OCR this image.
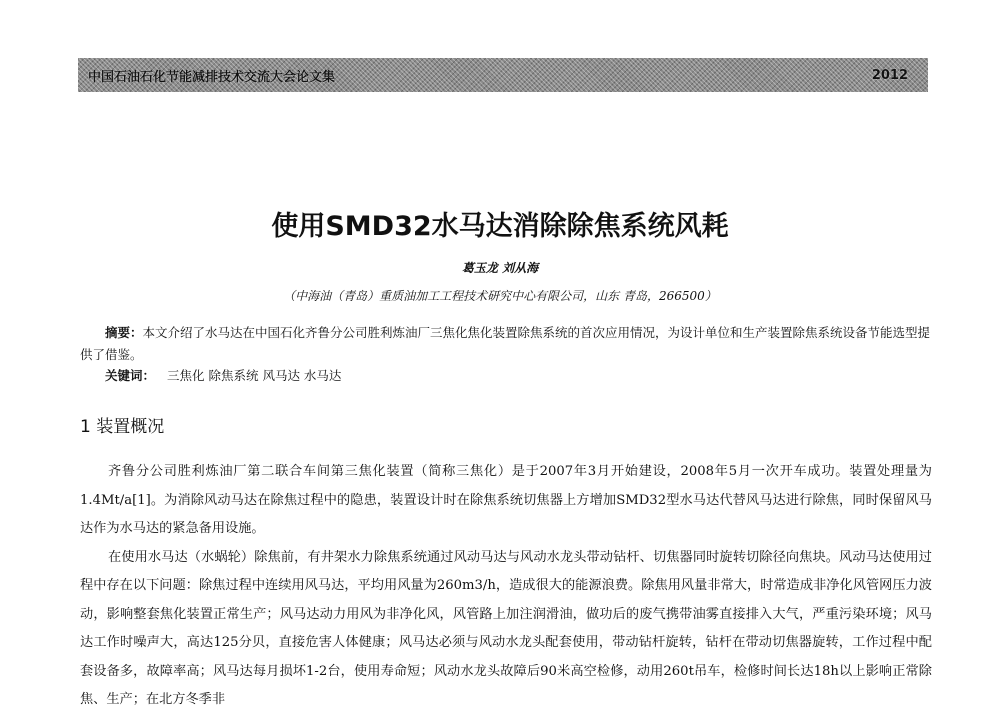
中国石油石化节能减排技术交流大会论文集	2012
使用SMD32水马达消除除焦系统风耗
葛玉龙 刘从海
（中海油（青岛）重质油加工工程技术研究中心有限公司，山东 青岛，266500）

摘要：本文介绍了水马达在中国石化齐鲁分公司胜利炼油厂三焦化焦化装置除焦系统的首次应用情况，为设计单位和生产装置除焦系统设备节能选型提供了借鉴。

关键词： 三焦化 除焦系统 风马达 水马达
1 装置概况

齐鲁分公司胜利炼油厂第二联合车间第三焦化装置（简称三焦化）是于2007年3月开始建设，2008年5月一次开车成功。装置处理量为1.4Mt/a[1]。为消除风动马达在除焦过程中的隐患，装置设计时在除焦系统切焦器上方增加SMD32型水马达代替风马达进行除焦，同时保留风马达作为水马达的紧急备用设施。

在使用水马达（水蜗轮）除焦前，有井架水力除焦系统通过风动马达与风动水龙头带动钻杆、切焦器同时旋转切除径向焦块。风动马达使用过程中存在以下问题：除焦过程中连续用风马达，平均用风量为260m3/h，造成很大的能源浪费。除焦用风量非常大，时常造成非净化风管网压力波动，影响整套焦化装置正常生产；风马达动力用风为非净化风，风管路上加注润滑油，做功后的废气携带油雾直接排入大气，严重污染环境；风马达工作时噪声大，高达125分贝，直接危害人体健康；风马达必须与风动水龙头配套使用，带动钻杆旋转，钻杆在带动切焦器旋转，工作过程中配套设备多，故障率高；风马达每月损坏1-2台，使用寿命短；风动水龙头故障后90米高空检修，动用260t吊车，检修时间长达18h以上影响正常除焦、生产；在北方冬季非
